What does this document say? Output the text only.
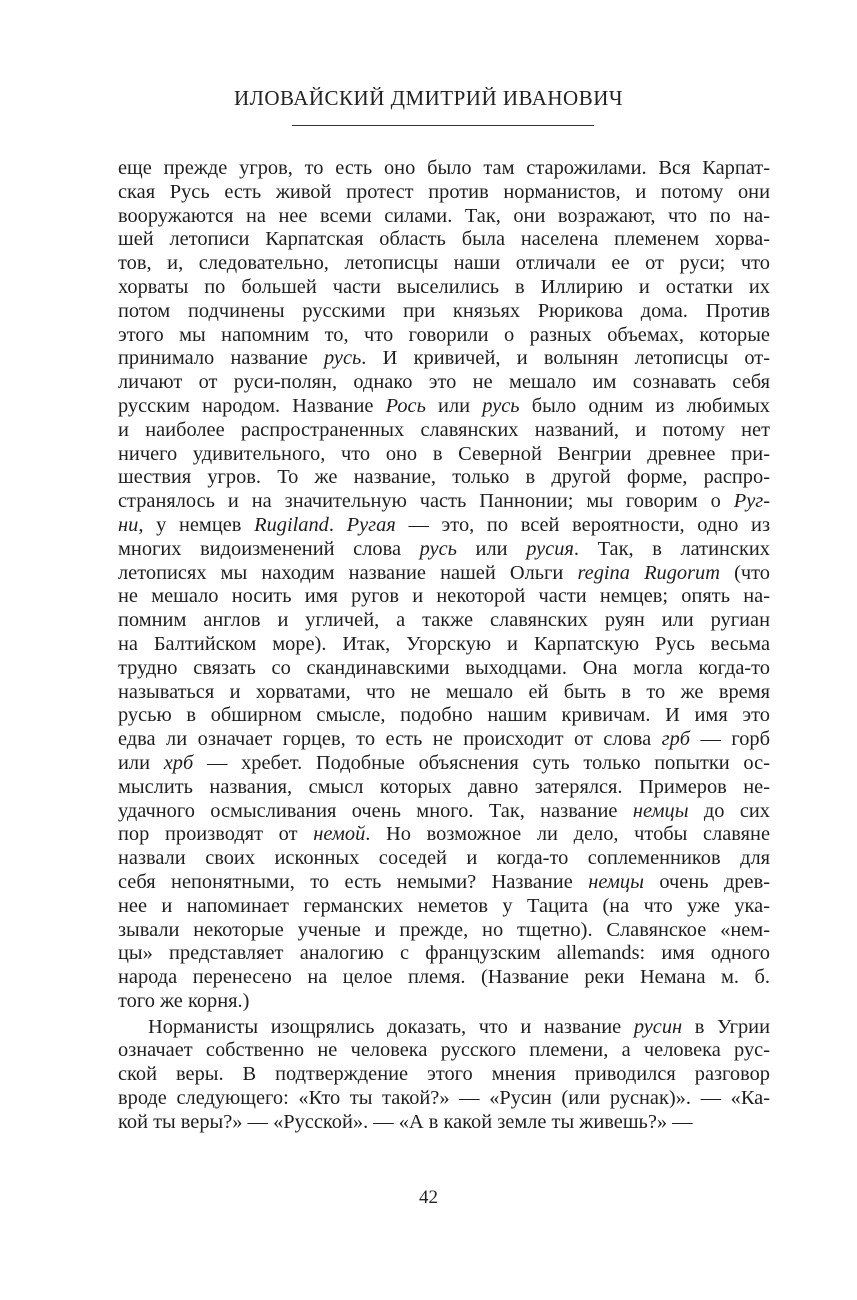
ИЛОВАЙСКИЙ ДМИТРИЙ ИВАНОВИЧ
еще прежде угров, то есть оно было там старожилами. Вся Карпат-
ская Русь есть живой протест против норманистов, и потому они
вооружаются на нее всеми силами. Так, они возражают, что по на-
шей летописи Карпатская область была населена племенем хорва-
тов, и, следовательно, летописцы наши отличали ее от руси; что
хорваты по большей части выселились в Иллирию и остатки их
потом подчинены русскими при князьях Рюрикова дома. Против
этого мы напомним то, что говорили о разных объемах, которые
принимало название русь. И кривичей, и волынян летописцы от-
личают от руси-полян, однако это не мешало им сознавать себя
русским народом. Название Рось или русь было одним из любимых
и наиболее распространенных славянских названий, и потому нет
ничего удивительного, что оно в Северной Венгрии древнее при-
шествия угров. То же название, только в другой форме, распро-
странялось и на значительную часть Паннонии; мы говорим о Руг-
ни, у немцев Rugiland. Ругая — это, по всей вероятности, одно из
многих видоизменений слова русь или русия. Так, в латинских
летописях мы находим название нашей Ольги regina Rugorum (что
не мешало носить имя ругов и некоторой части немцев; опять на-
помним англов и угличей, а также славянских руян или ругиан
на Балтийском море). Итак, Угорскую и Карпатскую Русь весьма
трудно связать со скандинавскими выходцами. Она могла когда-то
называться и хорватами, что не мешало ей быть в то же время
русью в обширном смысле, подобно нашим кривичам. И имя это
едва ли означает горцев, то есть не происходит от слова грб — горб
или хрб — хребет. Подобные объяснения суть только попытки ос-
мыслить названия, смысл которых давно затерялся. Примеров не-
удачного осмысливания очень много. Так, название немцы до сих
пор производят от немой. Но возможное ли дело, чтобы славяне
назвали своих исконных соседей и когда-то соплеменников для
себя непонятными, то есть немыми? Название немцы очень древ-
нее и напоминает германских неметов у Тацита (на что уже ука-
зывали некоторые ученые и прежде, но тщетно). Славянское «нем-
цы» представляет аналогию с французским allemands: имя одного
народа перенесено на целое племя. (Название реки Немана м. б.
того же корня.)
Норманисты изощрялись доказать, что и название русин в Угрии
означает собственно не человека русского племени, а человека рус-
ской веры. В подтверждение этого мнения приводился разговор
вроде следующего: «Кто ты такой?» — «Русин (или руснак)». — «Ка-
кой ты веры?» — «Русской». — «А в какой земле ты живешь?» —
42
